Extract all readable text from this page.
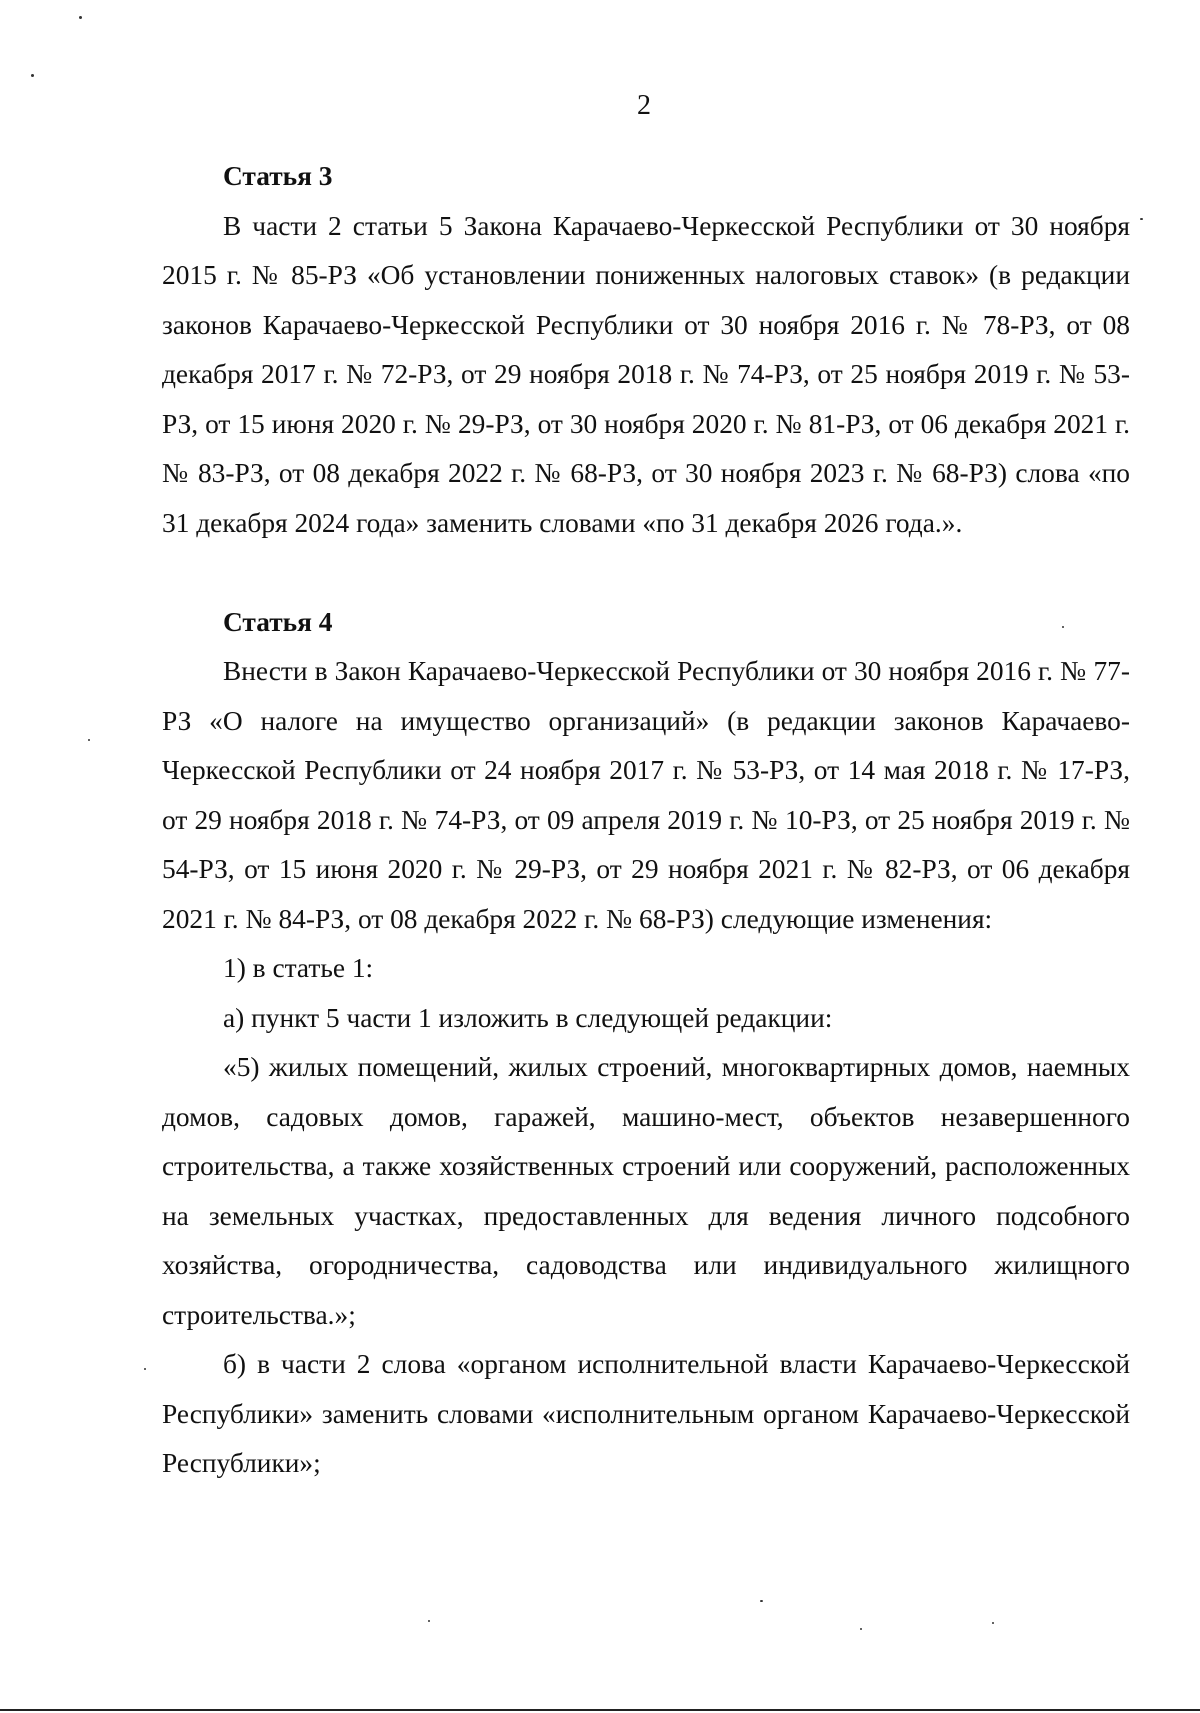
2

Статья 3

В части 2 статьи 5 Закона Карачаево-Черкесской Республики от 30 ноября 2015 г. № 85-РЗ «Об установлении пониженных налоговых ставок» (в редакции законов Карачаево-Черкесской Республики от 30 ноября 2016 г. № 78-РЗ, от 08 декабря 2017 г. № 72-РЗ, от 29 ноября 2018 г. № 74-РЗ, от 25 ноября 2019 г. № 53-РЗ, от 15 июня 2020 г. № 29-РЗ, от 30 ноября 2020 г. № 81-РЗ, от 06 декабря 2021 г. № 83-РЗ, от 08 декабря 2022 г. № 68-РЗ, от 30 ноября 2023 г. № 68-РЗ) слова «по 31 декабря 2024 года» заменить словами «по 31 декабря 2026 года.».

Статья 4

Внести в Закон Карачаево-Черкесской Республики от 30 ноября 2016 г. № 77-РЗ «О налоге на имущество организаций» (в редакции законов Карачаево-Черкесской Республики от 24 ноября 2017 г. № 53-РЗ, от 14 мая 2018 г. № 17-РЗ, от 29 ноября 2018 г. № 74-РЗ, от 09 апреля 2019 г. № 10-РЗ, от 25 ноября 2019 г. № 54-РЗ, от 15 июня 2020 г. № 29-РЗ, от 29 ноября 2021 г. № 82-РЗ, от 06 декабря 2021 г. № 84-РЗ, от 08 декабря 2022 г. № 68-РЗ) следующие изменения:

1) в статье 1:

а) пункт 5 части 1 изложить в следующей редакции:

«5) жилых помещений, жилых строений, многоквартирных домов, наемных домов, садовых домов, гаражей, машино-мест, объектов незавершенного строительства, а также хозяйственных строений или сооружений, расположенных на земельных участках, предоставленных для ведения личного подсобного хозяйства, огородничества, садоводства или индивидуального жилищного строительства.»;

б) в части 2 слова «органом исполнительной власти Карачаево-Черкесской Республики» заменить словами «исполнительным органом Карачаево-Черкесской Республики»;
